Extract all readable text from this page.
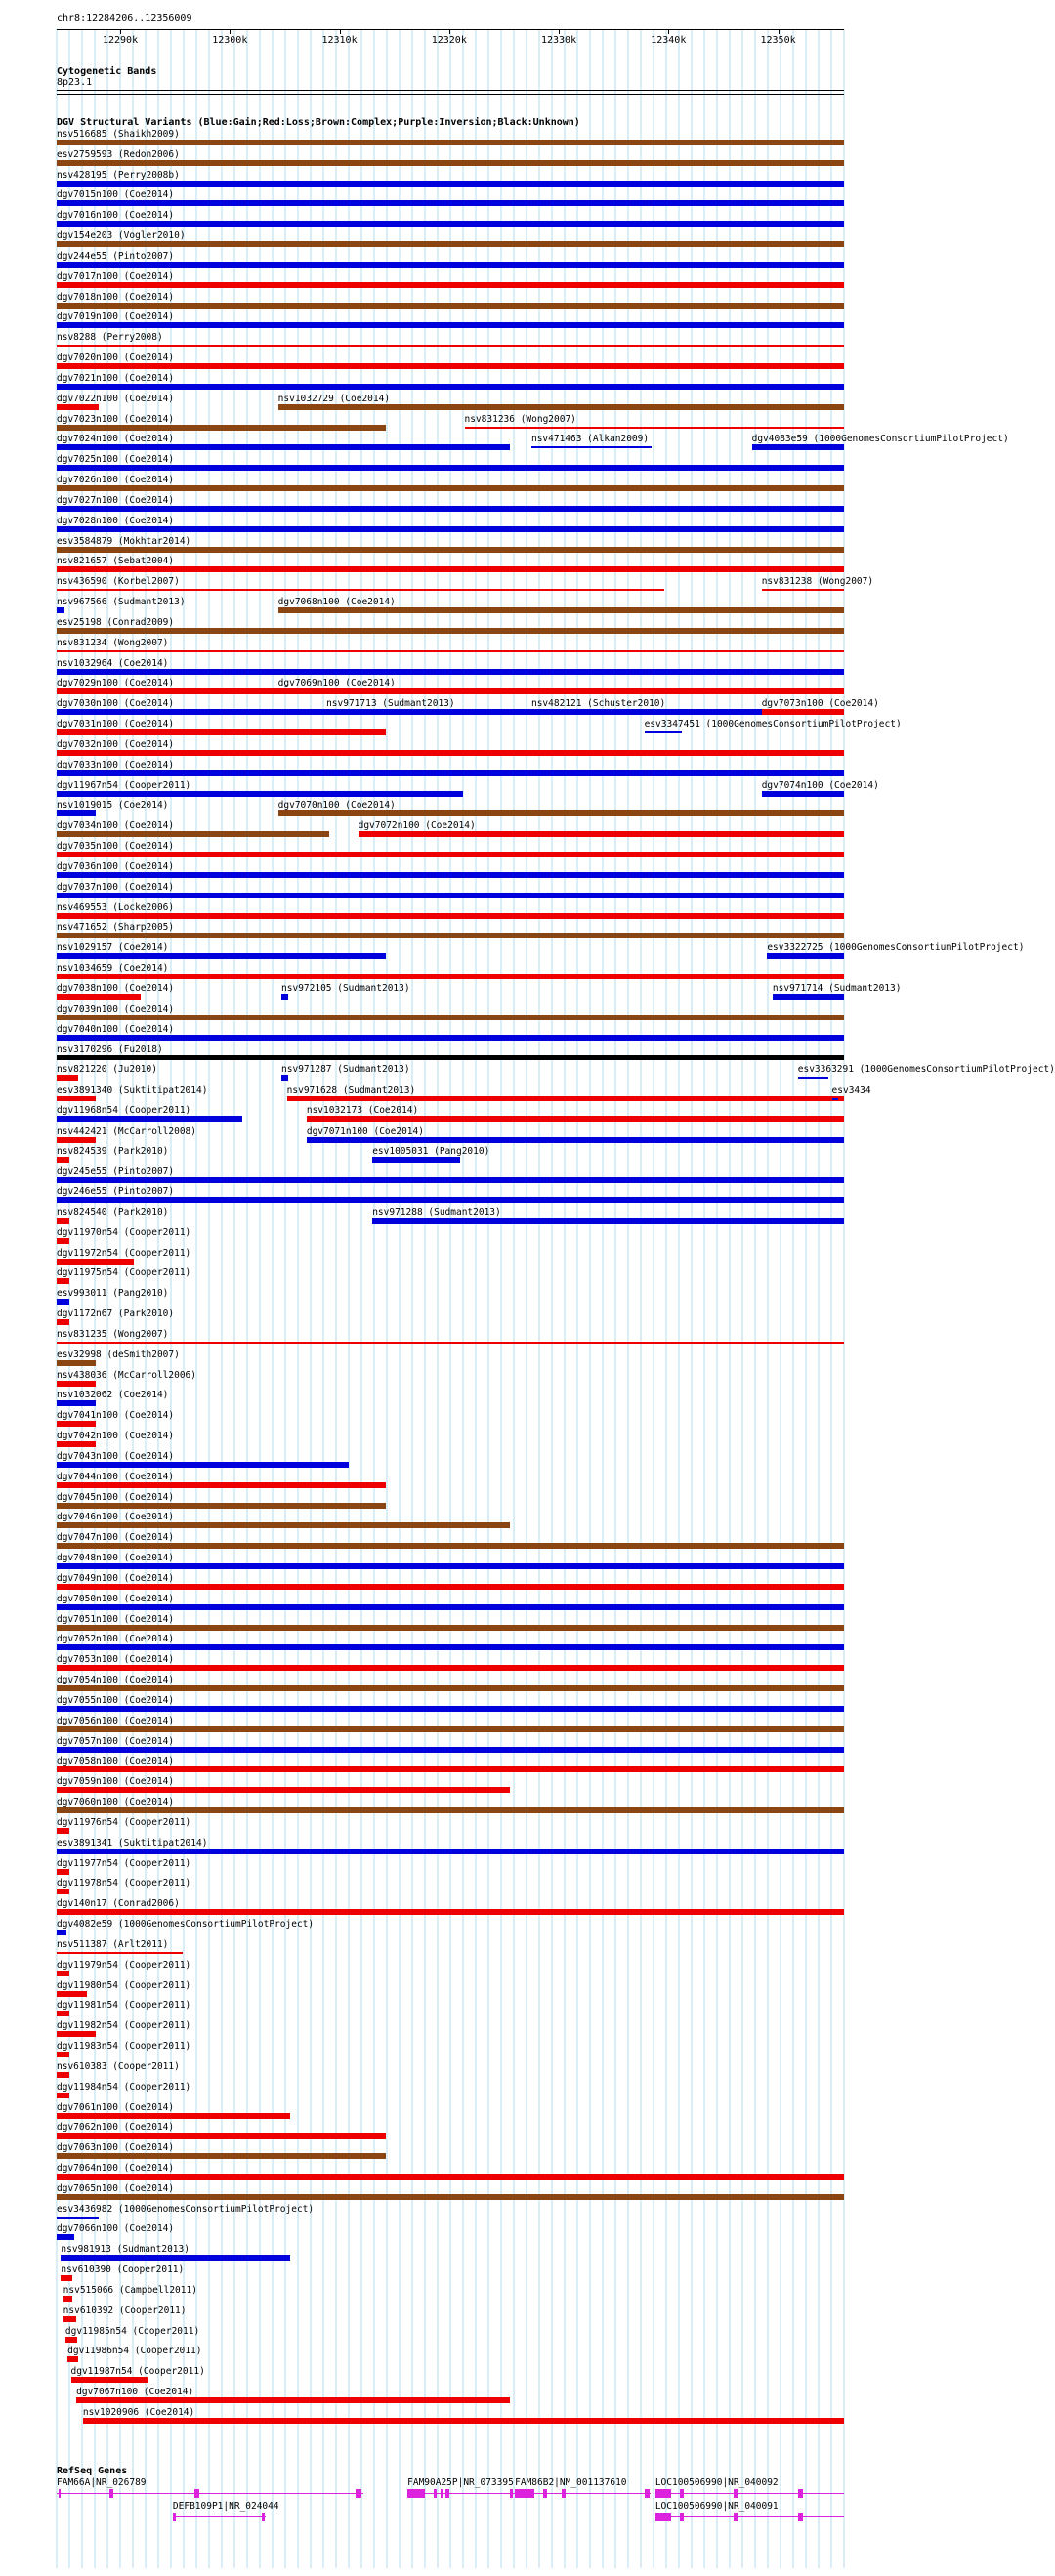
chr8:12284206..12356009
12290k	12300k	12310k	12320k	12330k	12340k	12350k
Cytogenetic Bands
8p23.1
DGV Structural Variants (Blue:Gain;Red:Loss;Brown:Complex;Purple:Inversion;Black:Unknown)
nsv516685 (Shaikh2009)
esv2759593 (Redon2006)
nsv428195 (Perry2008b)
dgv7015n100 (Coe2014)
dgv7016n100 (Coe2014)
dgv154e203 (Vogler2010)
dgv244e55 (Pinto2007)
dgv7017n100 (Coe2014)
dgv7018n100 (Coe2014)
dgv7019n100 (Coe2014)
nsv8288 (Perry2008)
dgv7020n100 (Coe2014)
dgv7021n100 (Coe2014)
dgv7022n100 (Coe2014)
dgv7023n100 (Coe2014)
dgv7024n100 (Coe2014)
dgv7025n100 (Coe2014)
dgv7026n100 (Coe2014)
dgv7027n100 (Coe2014)
dgv7028n100 (Coe2014)
esv3584879 (Mokhtar2014)
nsv821657 (Sebat2004)
nsv436590 (Korbel2007)
nsv967566 (Sudmant2013)
esv25198 (Conrad2009)
nsv831234 (Wong2007)
nsv1032964 (Coe2014)
dgv7029n100 (Coe2014)
dgv7030n100 (Coe2014)
dgv7031n100 (Coe2014)
dgv7032n100 (Coe2014)
dgv7033n100 (Coe2014)
dgv11967n54 (Cooper2011)
nsv1019015 (Coe2014)
dgv7034n100 (Coe2014)
dgv7035n100 (Coe2014)
dgv7036n100 (Coe2014)
dgv7037n100 (Coe2014)
nsv469553 (Locke2006)
nsv471652 (Sharp2005)
nsv1029157 (Coe2014)
nsv1034659 (Coe2014)
dgv7038n100 (Coe2014)
dgv7039n100 (Coe2014)
dgv7040n100 (Coe2014)
nsv3170296 (Fu2018)
nsv821220 (Ju2010)
esv3891340 (Suktitipat2014)
dgv11968n54 (Cooper2011)
nsv442421 (McCarroll2008)
nsv824539 (Park2010)
dgv245e55 (Pinto2007)
dgv246e55 (Pinto2007)
nsv824540 (Park2010)
dgv11970n54 (Cooper2011)
dgv11972n54 (Cooper2011)
dgv11975n54 (Cooper2011)
esv993011 (Pang2010)
dgv1172n67 (Park2010)
nsv831235 (Wong2007)
esv32998 (deSmith2007)
nsv438036 (McCarroll2006)
nsv1032062 (Coe2014)
dgv7041n100 (Coe2014)
dgv7042n100 (Coe2014)
dgv7043n100 (Coe2014)
dgv7044n100 (Coe2014)
dgv7045n100 (Coe2014)
dgv7046n100 (Coe2014)
dgv7047n100 (Coe2014)
dgv7048n100 (Coe2014)
dgv7049n100 (Coe2014)
dgv7050n100 (Coe2014)
dgv7051n100 (Coe2014)
dgv7052n100 (Coe2014)
dgv7053n100 (Coe2014)
dgv7054n100 (Coe2014)
dgv7055n100 (Coe2014)
dgv7056n100 (Coe2014)
dgv7057n100 (Coe2014)
dgv7058n100 (Coe2014)
dgv7059n100 (Coe2014)
dgv7060n100 (Coe2014)
dgv11976n54 (Cooper2011)
esv3891341 (Suktitipat2014)
dgv11977n54 (Cooper2011)
dgv11978n54 (Cooper2011)
dgv140n17 (Conrad2006)
dgv4082e59 (1000GenomesConsortiumPilotProject)
nsv511387 (Arlt2011)
dgv11979n54 (Cooper2011)
dgv11980n54 (Cooper2011)
dgv11981n54 (Cooper2011)
dgv11982n54 (Cooper2011)
dgv11983n54 (Cooper2011)
nsv610383 (Cooper2011)
dgv11984n54 (Cooper2011)
dgv7061n100 (Coe2014)
dgv7062n100 (Coe2014)
dgv7063n100 (Coe2014)
dgv7064n100 (Coe2014)
dgv7065n100 (Coe2014)
esv3436982 (1000GenomesConsortiumPilotProject)
dgv7066n100 (Coe2014)
nsv981913 (Sudmant2013)
nsv610390 (Cooper2011)
nsv515066 (Campbell2011)
nsv610392 (Cooper2011)
dgv11985n54 (Cooper2011)
dgv11986n54 (Cooper2011)
dgv11987n54 (Cooper2011)
dgv7067n100 (Coe2014)
nsv1020906 (Coe2014)
nsv1032729 (Coe2014)
nsv831236 (Wong2007)
nsv471463 (Alkan2009)	dgv4083e59 (1000GenomesConsortiumPilotProject)
nsv831238 (Wong2007)
dgv7068n100 (Coe2014)
dgv7069n100 (Coe2014)
nsv971713 (Sudmant2013)	nsv482121 (Schuster2010)	dgv7073n100 (Coe2014)
esv3347451 (1000GenomesConsortiumPilotProject)
dgv7074n100 (Coe2014)
dgv7070n100 (Coe2014)
dgv7072n100 (Coe2014)
esv3322725 (1000GenomesConsortiumPilotProject)
nsv972105 (Sudmant2013)	nsv971714 (Sudmant2013)
nsv971287 (Sudmant2013)	esv3363291 (1000GenomesConsortiumPilotProject)
nsv971628 (Sudmant2013)	esv3434
nsv1032173 (Coe2014)
dgv7071n100 (Coe2014)
esv1005031 (Pang2010)
nsv971288 (Sudmant2013)
RefSeq Genes
FAM66A|NR_026789	FAM90A25P|NR_073395 FAM86B2|NM_001137610	LOC100506990|NR_040092
DEFB109P1|NR_024044	LOC100506990|NR_040091
